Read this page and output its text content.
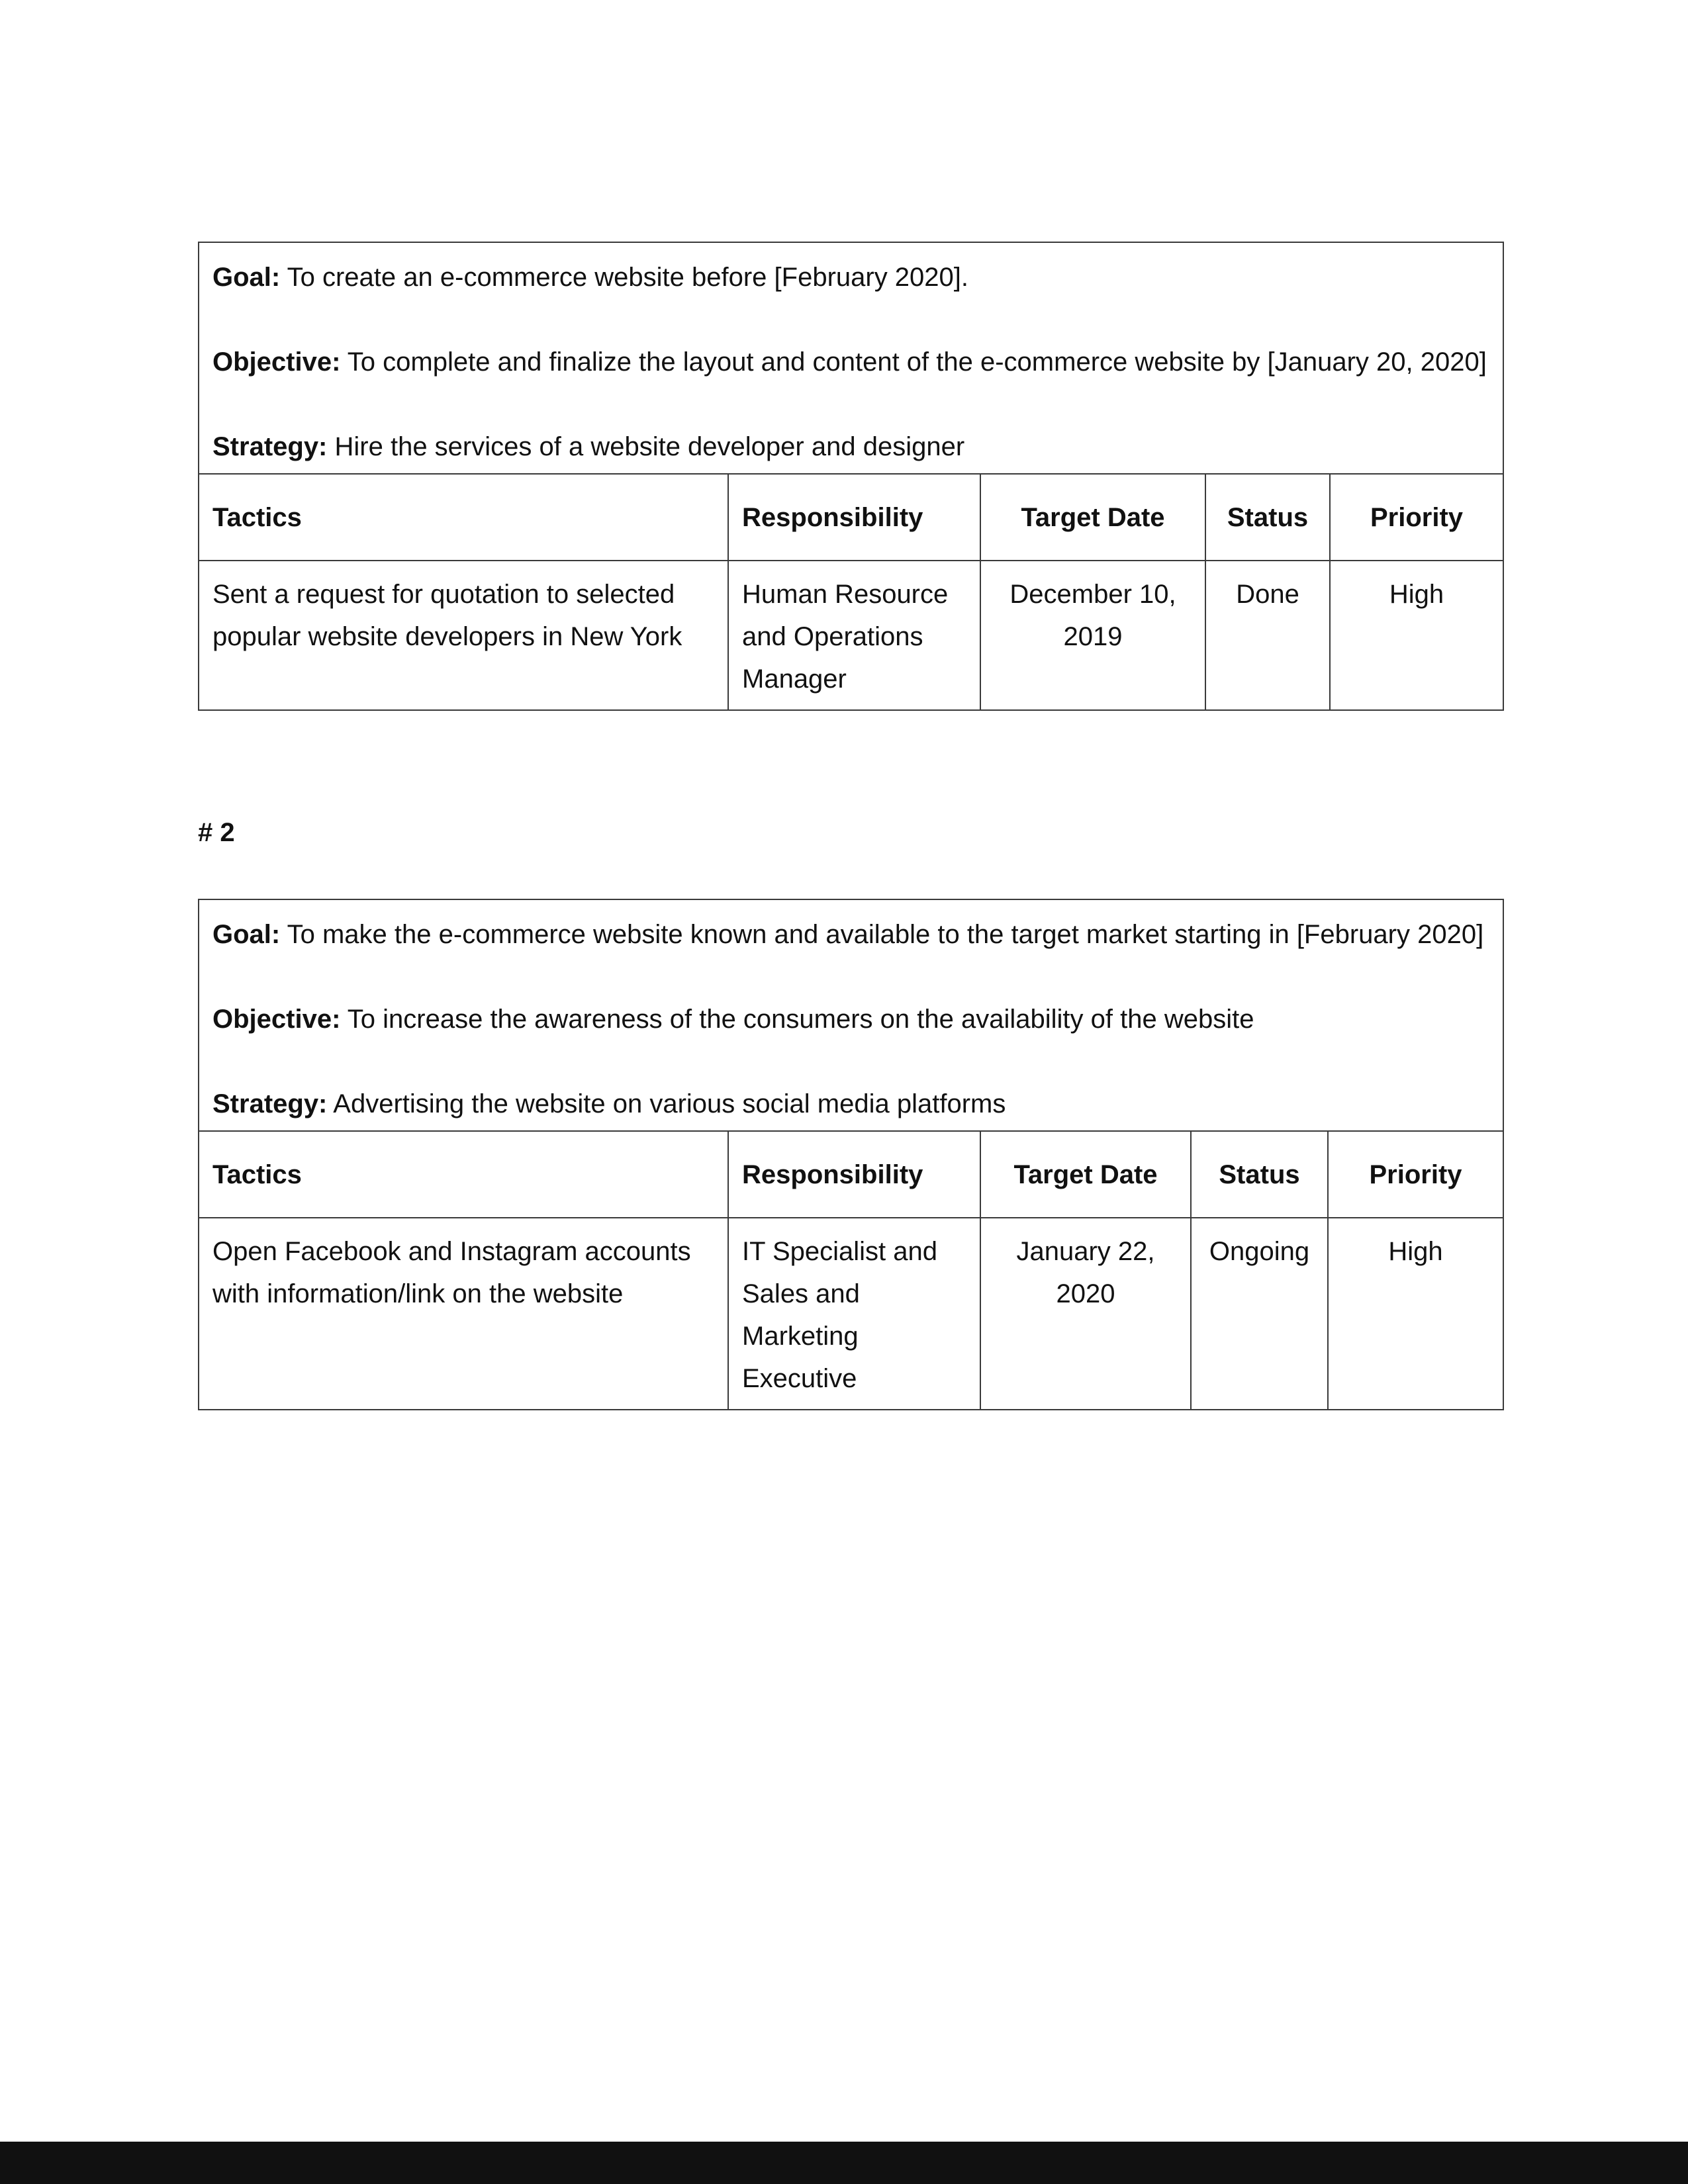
Goal: To create an e-commerce website before [February 2020].

Objective: To complete and finalize the layout and content of the e-commerce website by [January 20, 2020]

Strategy: Hire the services of a website developer and designer				

Tactics	Responsibility	Target Date	Status	Priority
Sent a request for quotation to selected popular website developers in New York	Human Resource and Operations Manager	December 10, 2019	Done	High
# 2

Goal: To make the e-commerce website known and available to the target market starting in [February 2020]

Objective: To increase the awareness of the consumers on the availability of the website

Strategy: Advertising the website on various social media platforms				

Tactics	Responsibility	Target Date	Status	Priority
Open Facebook and Instagram accounts with information/link on the website	IT Specialist and Sales and Marketing Executive	January 22, 2020	Ongoing	High
